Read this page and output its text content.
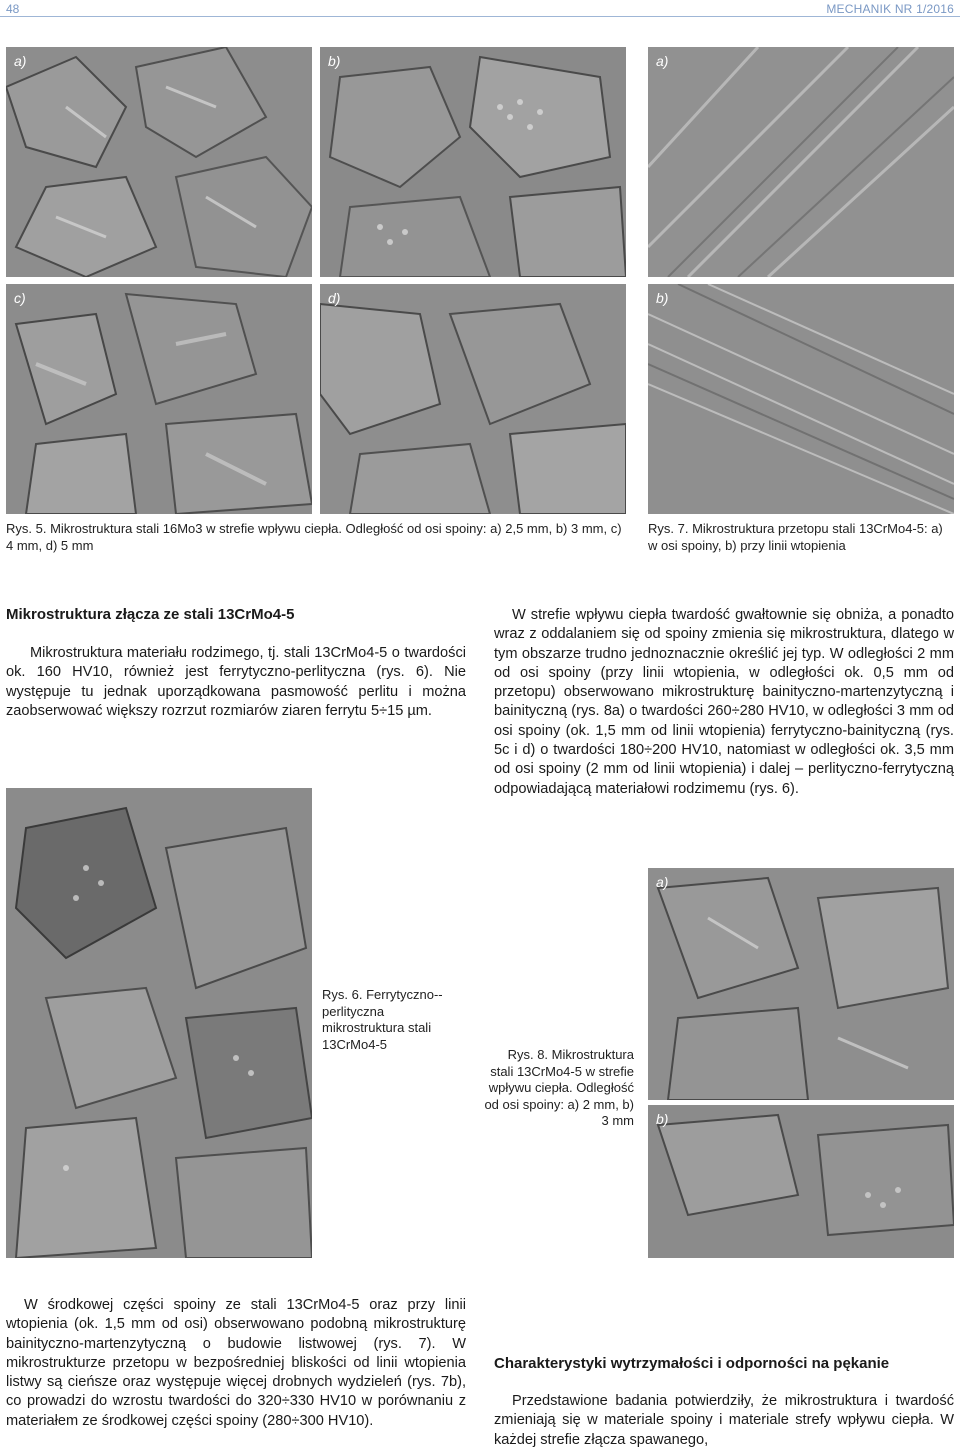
48	MECHANIK NR 1/2016
a)	b)
c)	d)
a)
b)
Rys. 5. Mikrostruktura stali 16Mo3 w strefie wpływu ciepła. Odległość od osi spoiny: a) 2,5 mm, b) 3 mm, c) 4 mm, d) 5 mm
Rys. 7. Mikrostruktura przetopu stali 13CrMo4-5: a) w osi spoiny, b) przy linii wtopienia
Mikrostruktura złącza ze stali 13CrMo4-5
Mikrostruktura materiału rodzimego, tj. stali 13CrMo4-5 o twardości ok. 160 HV10, również jest ferrytyczno-perlityczna (rys. 6). Nie występuje tu jednak uporządkowana pasmowość perlitu i można zaobserwować większy rozrzut rozmiarów ziaren ferrytu 5÷15 µm.
W strefie wpływu ciepła twardość gwałtownie się obniża, a ponadto wraz z oddalaniem się od spoiny zmienia się mikrostruktura, dlatego w tym obszarze trudno jednoznacznie określić jej typ. W odległości 2 mm od osi spoiny (przy linii wtopienia, w odległości ok. 0,5 mm od przetopu) obserwowano mikrostrukturę bainityczno-martenzytyczną i bainityczną (rys. 8a) o twardości 260÷280 HV10, w odległości 3 mm od osi spoiny (ok. 1,5 mm od linii wtopienia) ferrytyczno-bainityczną (rys. 5c i d) o twardości 180÷200 HV10, natomiast w odległości ok. 3,5 mm od osi spoiny (2 mm od linii wtopienia) i dalej – perlityczno-ferrytyczną odpowiadającą materiałowi rodzimemu (rys. 6).
Rys. 6. Ferrytyczno--perlityczna mikrostruktura stali 13CrMo4-5
a)
b)
Rys. 8. Mikrostruktura stali 13CrMo4-5 w strefie wpływu ciepła. Odległość od osi spoiny: a) 2 mm, b) 3 mm
W środkowej części spoiny ze stali 13CrMo4-5 oraz przy linii wtopienia (ok. 1,5 mm od osi) obserwowano podobną mikrostrukturę bainityczno-martenzytyczną o budowie listwowej (rys. 7). W mikrostrukturze przetopu w bezpośredniej bliskości od linii wtopienia listwy są cieńsze oraz występuje więcej drobnych wydzieleń (rys. 7b), co prowadzi do wzrostu twardości do 320÷330 HV10 w porównaniu z materiałem ze środkowej części spoiny (280÷300 HV10).
Charakterystyki wytrzymałości i odporności na pękanie
Przedstawione badania potwierdziły, że mikrostruktura i twardość zmieniają się w materiale spoiny i materiale strefy wpływu ciepła. W każdej strefie złącza spawanego,
